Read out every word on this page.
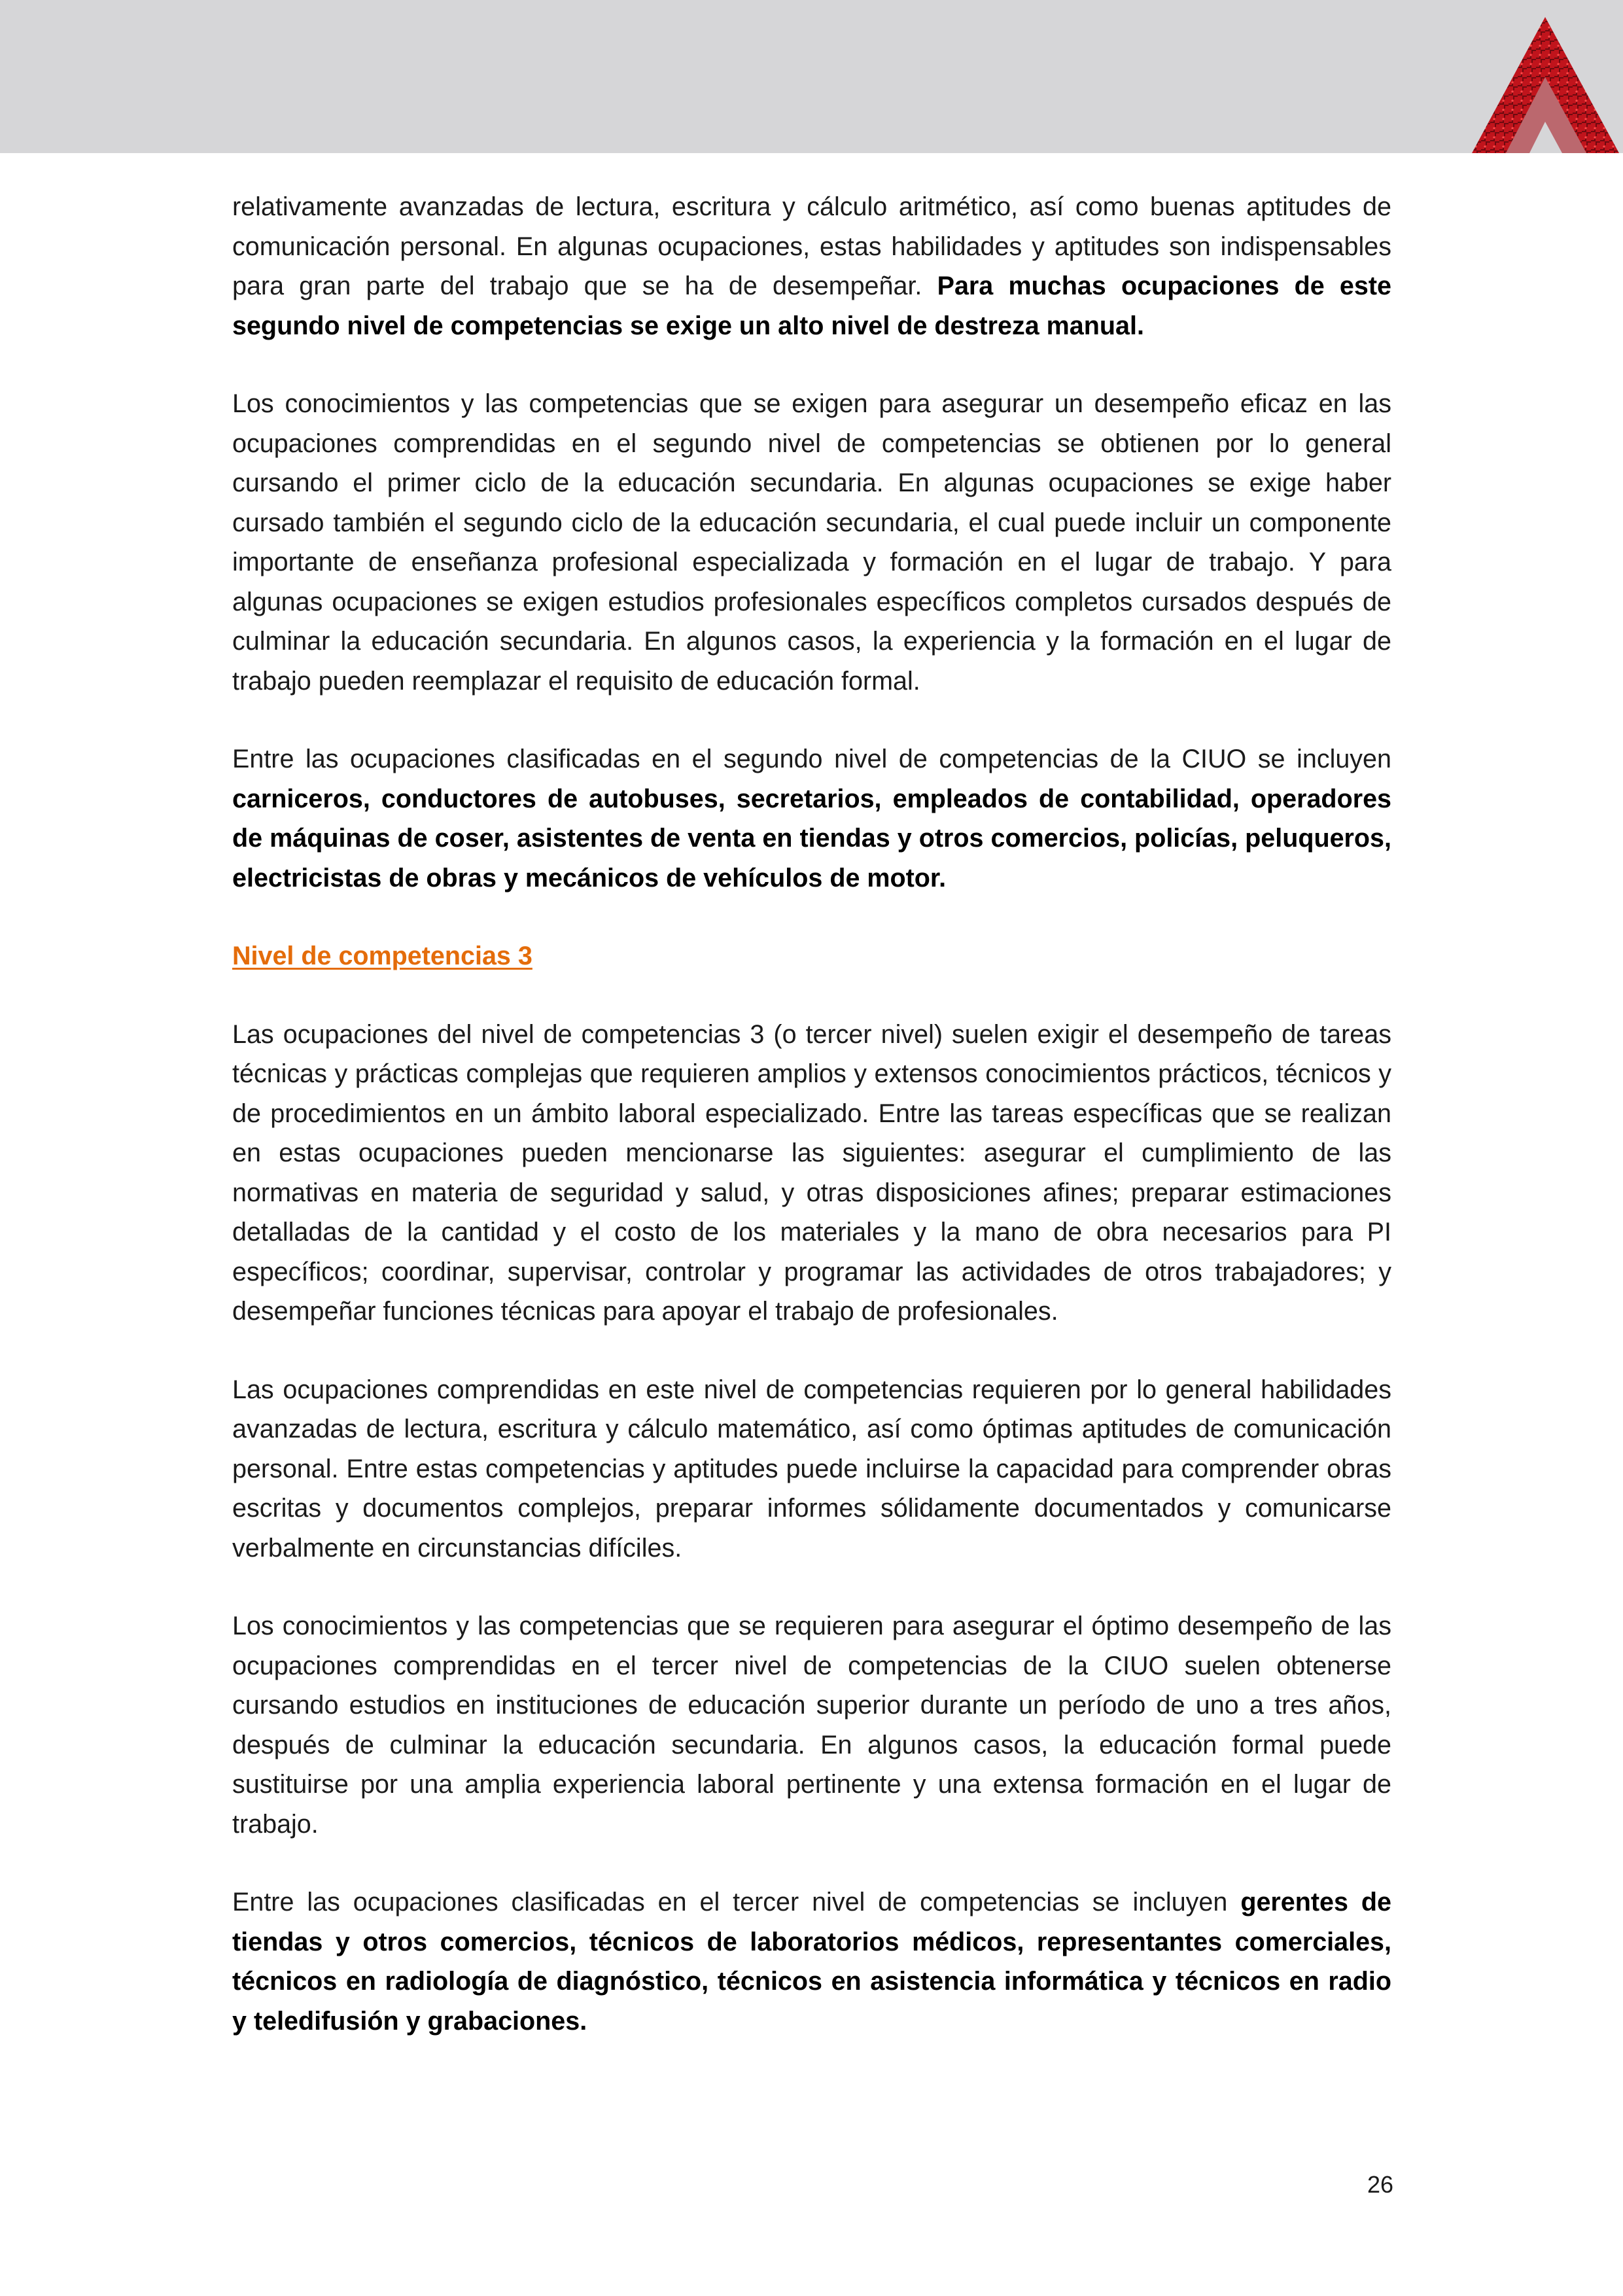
relativamente avanzadas de lectura, escritura y cálculo aritmético, así como buenas aptitudes de comunicación personal. En algunas ocupaciones, estas habilidades y aptitudes son indispensables para gran parte del trabajo que se ha de desempeñar. Para muchas ocupaciones de este segundo nivel de competencias se exige un alto nivel de destreza manual.

Los conocimientos y las competencias que se exigen para asegurar un desempeño eficaz en las ocupaciones comprendidas en el segundo nivel de competencias se obtienen por lo general cursando el primer ciclo de la educación secundaria. En algunas ocupaciones se exige haber cursado también el segundo ciclo de la educación secundaria, el cual puede incluir un componente importante de enseñanza profesional especializada y formación en el lugar de trabajo. Y para algunas ocupaciones se exigen estudios profesionales específicos completos cursados después de culminar la educación secundaria. En algunos casos, la experiencia y la formación en el lugar de trabajo pueden reemplazar el requisito de educación formal.

Entre las ocupaciones clasificadas en el segundo nivel de competencias de la CIUO se incluyen carniceros, conductores de autobuses, secretarios, empleados de contabilidad, operadores de máquinas de coser, asistentes de venta en tiendas y otros comercios, policías, peluqueros, electricistas de obras y mecánicos de vehículos de motor.

Nivel de competencias 3

Las ocupaciones del nivel de competencias 3 (o tercer nivel) suelen exigir el desempeño de tareas técnicas y prácticas complejas que requieren amplios y extensos conocimientos prácticos, técnicos y de procedimientos en un ámbito laboral especializado. Entre las tareas específicas que se realizan en estas ocupaciones pueden mencionarse las siguientes: asegurar el cumplimiento de las normativas en materia de seguridad y salud, y otras disposiciones afines; preparar estimaciones detalladas de la cantidad y el costo de los materiales y la mano de obra necesarios para PI específicos; coordinar, supervisar, controlar y programar las actividades de otros trabajadores; y desempeñar funciones técnicas para apoyar el trabajo de profesionales.

Las ocupaciones comprendidas en este nivel de competencias requieren por lo general habilidades avanzadas de lectura, escritura y cálculo matemático, así como óptimas aptitudes de comunicación personal. Entre estas competencias y aptitudes puede incluirse la capacidad para comprender obras escritas y documentos complejos, preparar informes sólidamente documentados y comunicarse verbalmente en circunstancias difíciles.

Los conocimientos y las competencias que se requieren para asegurar el óptimo desempeño de las ocupaciones comprendidas en el tercer nivel de competencias de la CIUO suelen obtenerse cursando estudios en instituciones de educación superior durante un período de uno a tres años, después de culminar la educación secundaria. En algunos casos, la educación formal puede sustituirse por una amplia experiencia laboral pertinente y una extensa formación en el lugar de trabajo.

Entre las ocupaciones clasificadas en el tercer nivel de competencias se incluyen gerentes de tiendas y otros comercios, técnicos de laboratorios médicos, representantes comerciales, técnicos en radiología de diagnóstico, técnicos en asistencia informática y técnicos en radio y teledifusión y grabaciones.

26
